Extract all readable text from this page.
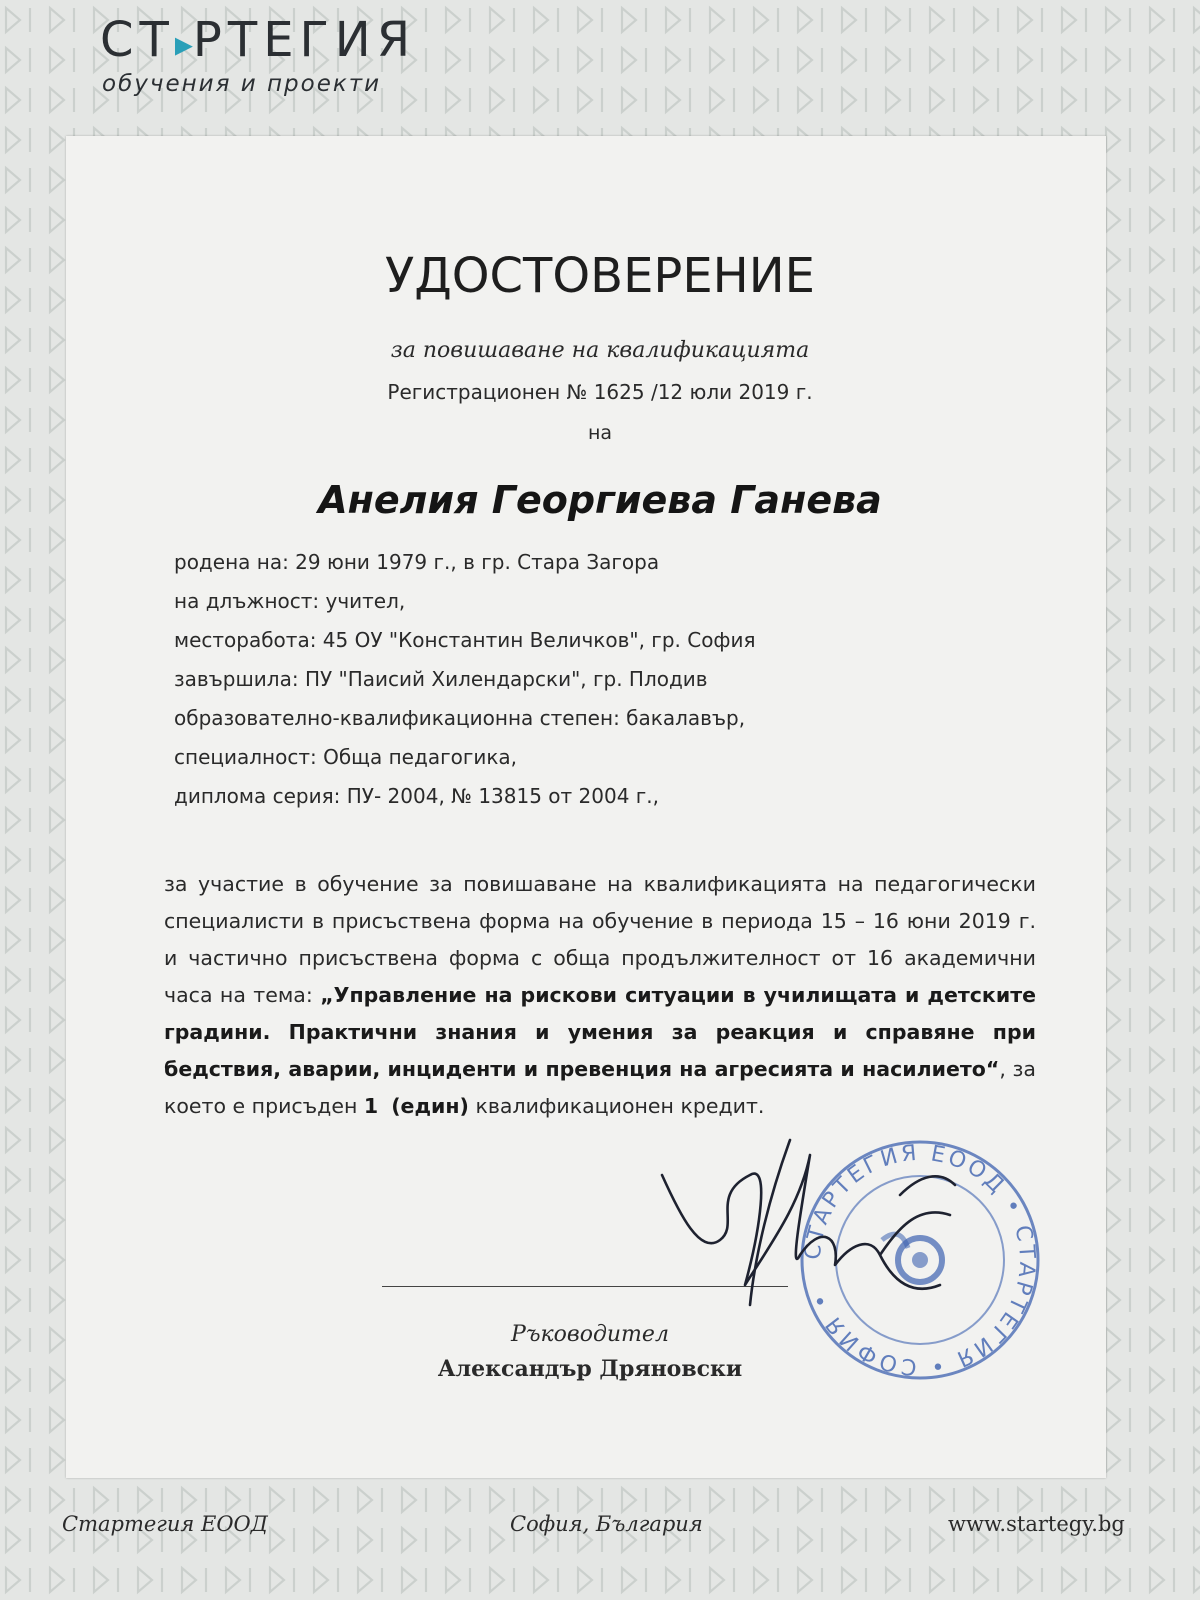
СТ▸РТЕГИЯ
обучения и проекти
УДОСТОВЕРЕНИЕ
за повишаване на квалификацията
Регистрационен № 1625 /12 юли 2019 г.
на
Анелия Георгиева Ганева
родена на: 29 юни 1979 г., в гр. Стара Загора
на длъжност: учител,
месторабота: 45 ОУ "Константин Величков", гр. София
завършила: ПУ "Паисий Хилендарски", гр. Плодив
образователно-квалификационна степен: бакалавър,
специалност: Обща педагогика,
диплома серия: ПУ- 2004, № 13815 от 2004 г.,
за участие в обучение за повишаване на квалификацията на педагогически специалисти в присъствена форма на обучение в периода 15 – 16 юни 2019 г. и частично присъствена форма с обща продължителност от 16 академични часа на тема: „Управление на рискови ситуации в училищата и детските градини. Практични знания и умения за реакция и справяне при бедствия, аварии, инциденти и превенция на агресията и насилието“, за което е присъден 1 (един) квалификационен кредит.
СТАРТЕГИЯ ЕООД • СТАРТЕГИЯ • СОФИЯ •
Ръководител
Александър Дряновски
Стартегия ЕООД	София, България	www.startegy.bg
